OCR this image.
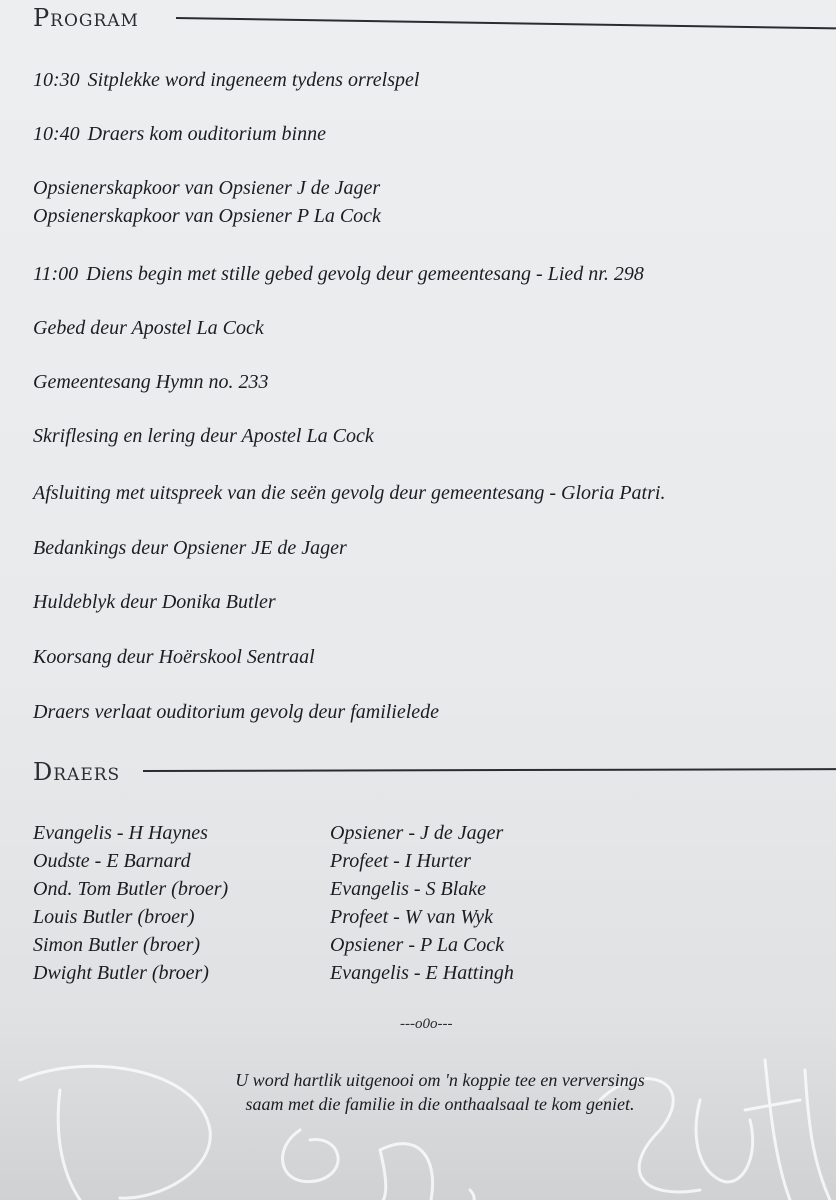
Program
10:30 Sitplekke word ingeneem tydens orrelspel
10:40 Draers kom ouditorium binne
Opsienerskapkoor van Opsiener J de Jager
Opsienerskapkoor van Opsiener P La Cock
11:00 Diens begin met stille gebed gevolg deur gemeentesang - Lied nr. 298
Gebed deur Apostel La Cock
Gemeentesang Hymn no. 233
Skriflesing en lering deur Apostel La Cock
Afsluiting met uitspreek van die seën gevolg deur gemeentesang - Gloria Patri.
Bedankings deur Opsiener JE de Jager
Huldeblyk deur Donika Butler
Koorsang deur Hoërskool Sentraal
Draers verlaat ouditorium gevolg deur familielede
Draers
Evangelis - H Haynes
Oudste - E Barnard
Ond. Tom Butler (broer)
Louis Butler (broer)
Simon Butler (broer)
Dwight Butler (broer)
Opsiener - J de Jager
Profeet - I Hurter
Evangelis - S Blake
Profeet - W van Wyk
Opsiener - P La Cock
Evangelis - E Hattingh
---o0o---
U word hartlik uitgenooi om 'n koppie tee en verversings
saam met die familie in die onthaalsaal te kom geniet.
